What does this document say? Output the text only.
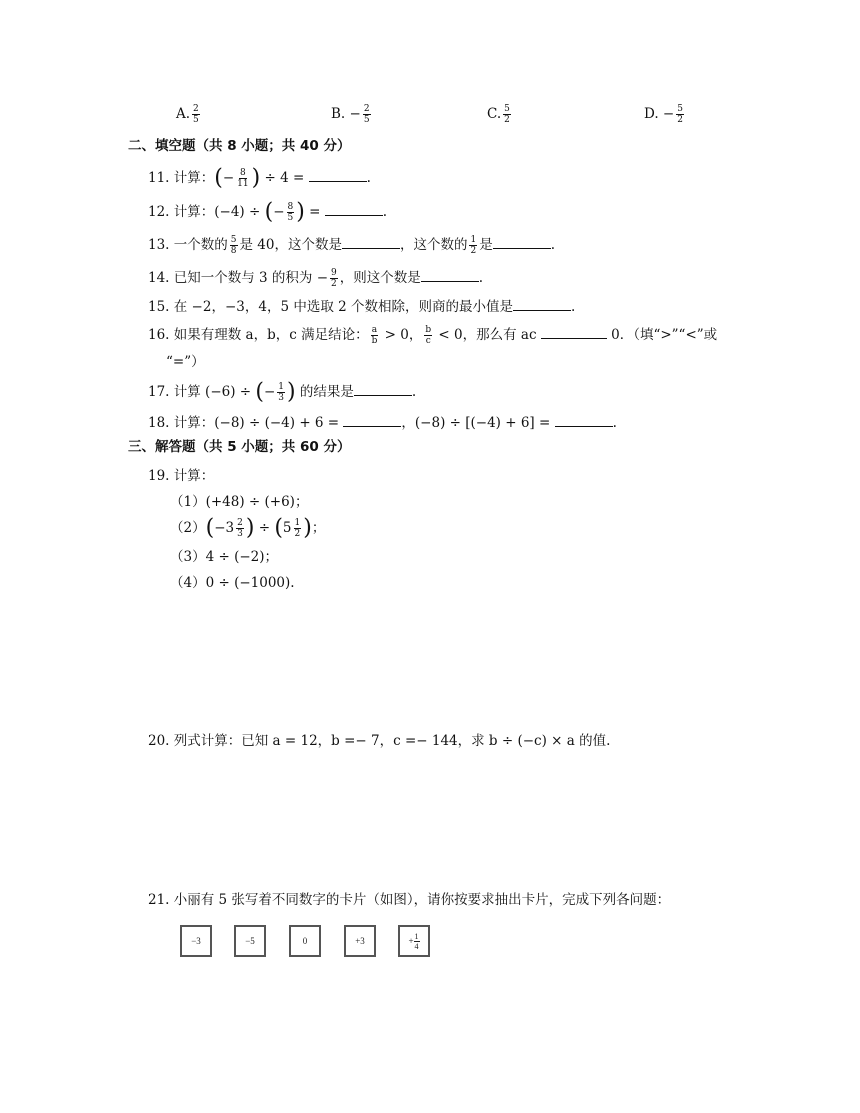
A. $\frac{2}{5}$	B. − $\frac{2}{5}$	C. $\frac{5}{2}$	D. − $\frac{5}{2}$
二、填空题（共 8 小题；共 40 分）
11. 计算：(− $\frac{8}{11}$ ) ÷ 4 =	.
12. 计算：(−4) ÷ (− $\frac{8}{5}$ ) =	.
13. 一个数的 $\frac{5}{8}$ 是 40，这个数是	，这个数的 $\frac{1}{2}$ 是	.
14. 已知一个数与 3 的积为 − $\frac{9}{2}$ ，则这个数是	.
15. 在 −2，−3，4，5 中选取 2 个数相除，则商的最小值是	.
16. 如果有理数 a，b，c 满足结论： $\frac{a}{b} > 0$， $\frac{b}{c} < 0$，那么有 ac	0．（填“>”“<”或
“=”）
17. 计算 (−6) ÷ (− $\frac{1}{3}$ ) 的结果是	.
18. 计算：(−8) ÷ (−4) + 6 =	，(−8) ÷ [(−4) + 6] =	.
三、解答题（共 5 小题；共 60 分）
19. 计算：
（1）(+48) ÷ (+6)；
$(2)(-3 \frac{2}{3}$ ) ÷ ($5 \frac{1}{2}$ )；
（3）4 ÷ (−2)；
（4）0 ÷ (−1000).
20. 列式计算：已知 a = 12，b =− 7，c =− 144，求 b ÷ (−c) × a 的值.
21. 小丽有 5 张写着不同数字的卡片（如图），请你按要求抽出卡片，完成下列各问题：
−3	−5	0	+3	+ $\frac{1}{4}$
